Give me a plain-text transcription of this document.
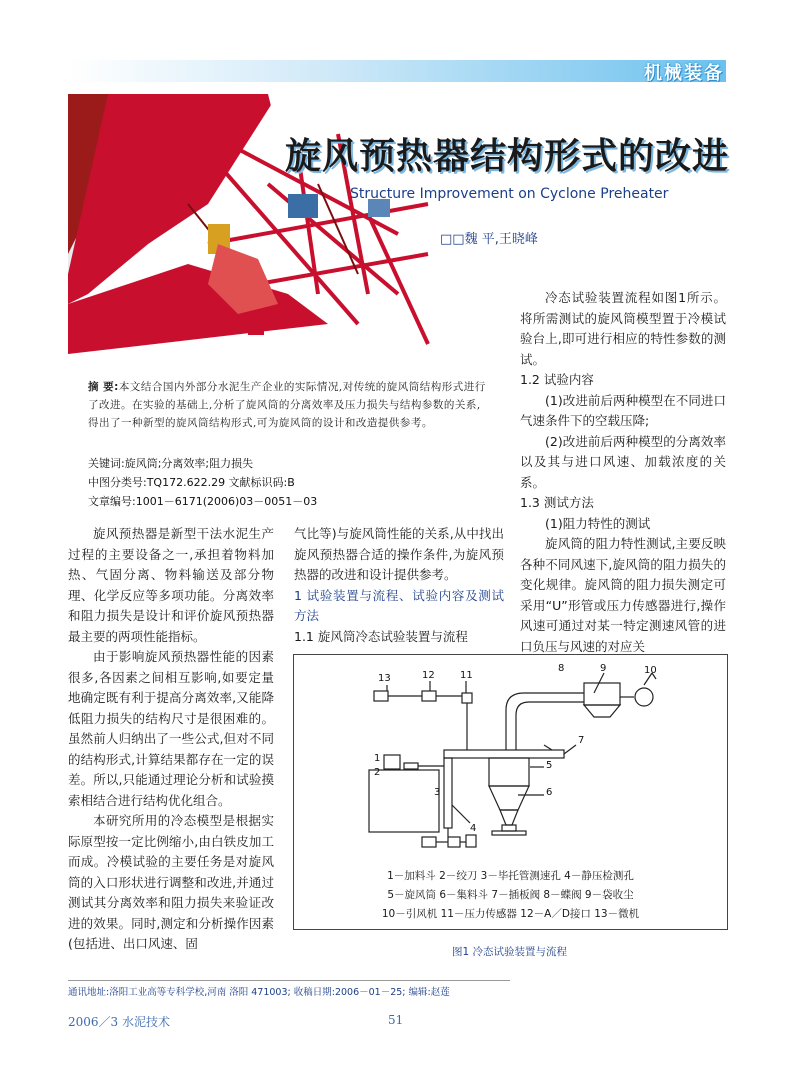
机械装备
旋风预热器结构形式的改进
Structure Improvement on Cyclone Preheater
□□魏 平,王晓峰
摘 要:本文结合国内外部分水泥生产企业的实际情况,对传统的旋风筒结构形式进行了改进。在实验的基础上,分析了旋风筒的分离效率及压力损失与结构参数的关系,得出了一种新型的旋风筒结构形式,可为旋风筒的设计和改造提供参考。
关键词:旋风筒;分离效率;阻力损失
中图分类号:TQ172.622.29 文献标识码:B
文章编号:1001－6171(2006)03－0051－03

旋风预热器是新型干法水泥生产过程的主要设备之一,承担着物料加热、气固分离、物料输送及部分物理、化学反应等多项功能。分离效率和阻力损失是设计和评价旋风预热器最主要的两项性能指标。

由于影响旋风预热器性能的因素很多,各因素之间相互影响,如要定量地确定既有利于提高分离效率,又能降低阻力损失的结构尺寸是很困难的。虽然前人归纳出了一些公式,但对不同的结构形式,计算结果都存在一定的误差。所以,只能通过理论分析和试验摸索相结合进行结构优化组合。

本研究所用的冷态模型是根据实际原型按一定比例缩小,由白铁皮加工而成。冷模试验的主要任务是对旋风筒的入口形状进行调整和改进,并通过测试其分离效率和阻力损失来验证改进的效果。同时,测定和分析操作因素(包括进、出口风速、固

气比等)与旋风筒性能的关系,从中找出旋风预热器合适的操作条件,为旋风预热器的改进和设计提供参考。

1 试验装置与流程、试验内容及测试方法

1.1 旋风筒冷态试验装置与流程

冷态试验装置流程如图1所示。将所需测试的旋风筒模型置于冷模试验台上,即可进行相应的特性参数的测试。

1.2 试验内容

(1)改进前后两种模型在不同进口气速条件下的空载压降;

(2)改进前后两种模型的分离效率以及其与进口风速、加载浓度的关系。

1.3 测试方法

(1)阻力特性的测试

旋风筒的阻力特性测试,主要反映各种不同风速下,旋风筒的阻力损失的变化规律。旋风筒的阻力损失测定可采用“U”形管或压力传感器进行,操作风速可通过对某一特定测速风管的进口负压与风速的对应关

13	12	11
9	10
8
7
5
6
1
2
3
4
1－加料斗 2－绞刀 3－毕托管测速孔 4－静压检测孔
5－旋风筒 6－集料斗 7－插板阀 8－蝶阀 9－袋收尘
10－引风机 11－压力传感器 12－A／D接口 13－微机
图1 冷态试验装置与流程
通讯地址:洛阳工业高等专科学校,河南 洛阳 471003; 收稿日期:2006－01－25; 编辑:赵莲
2006／3 水泥技术	51
